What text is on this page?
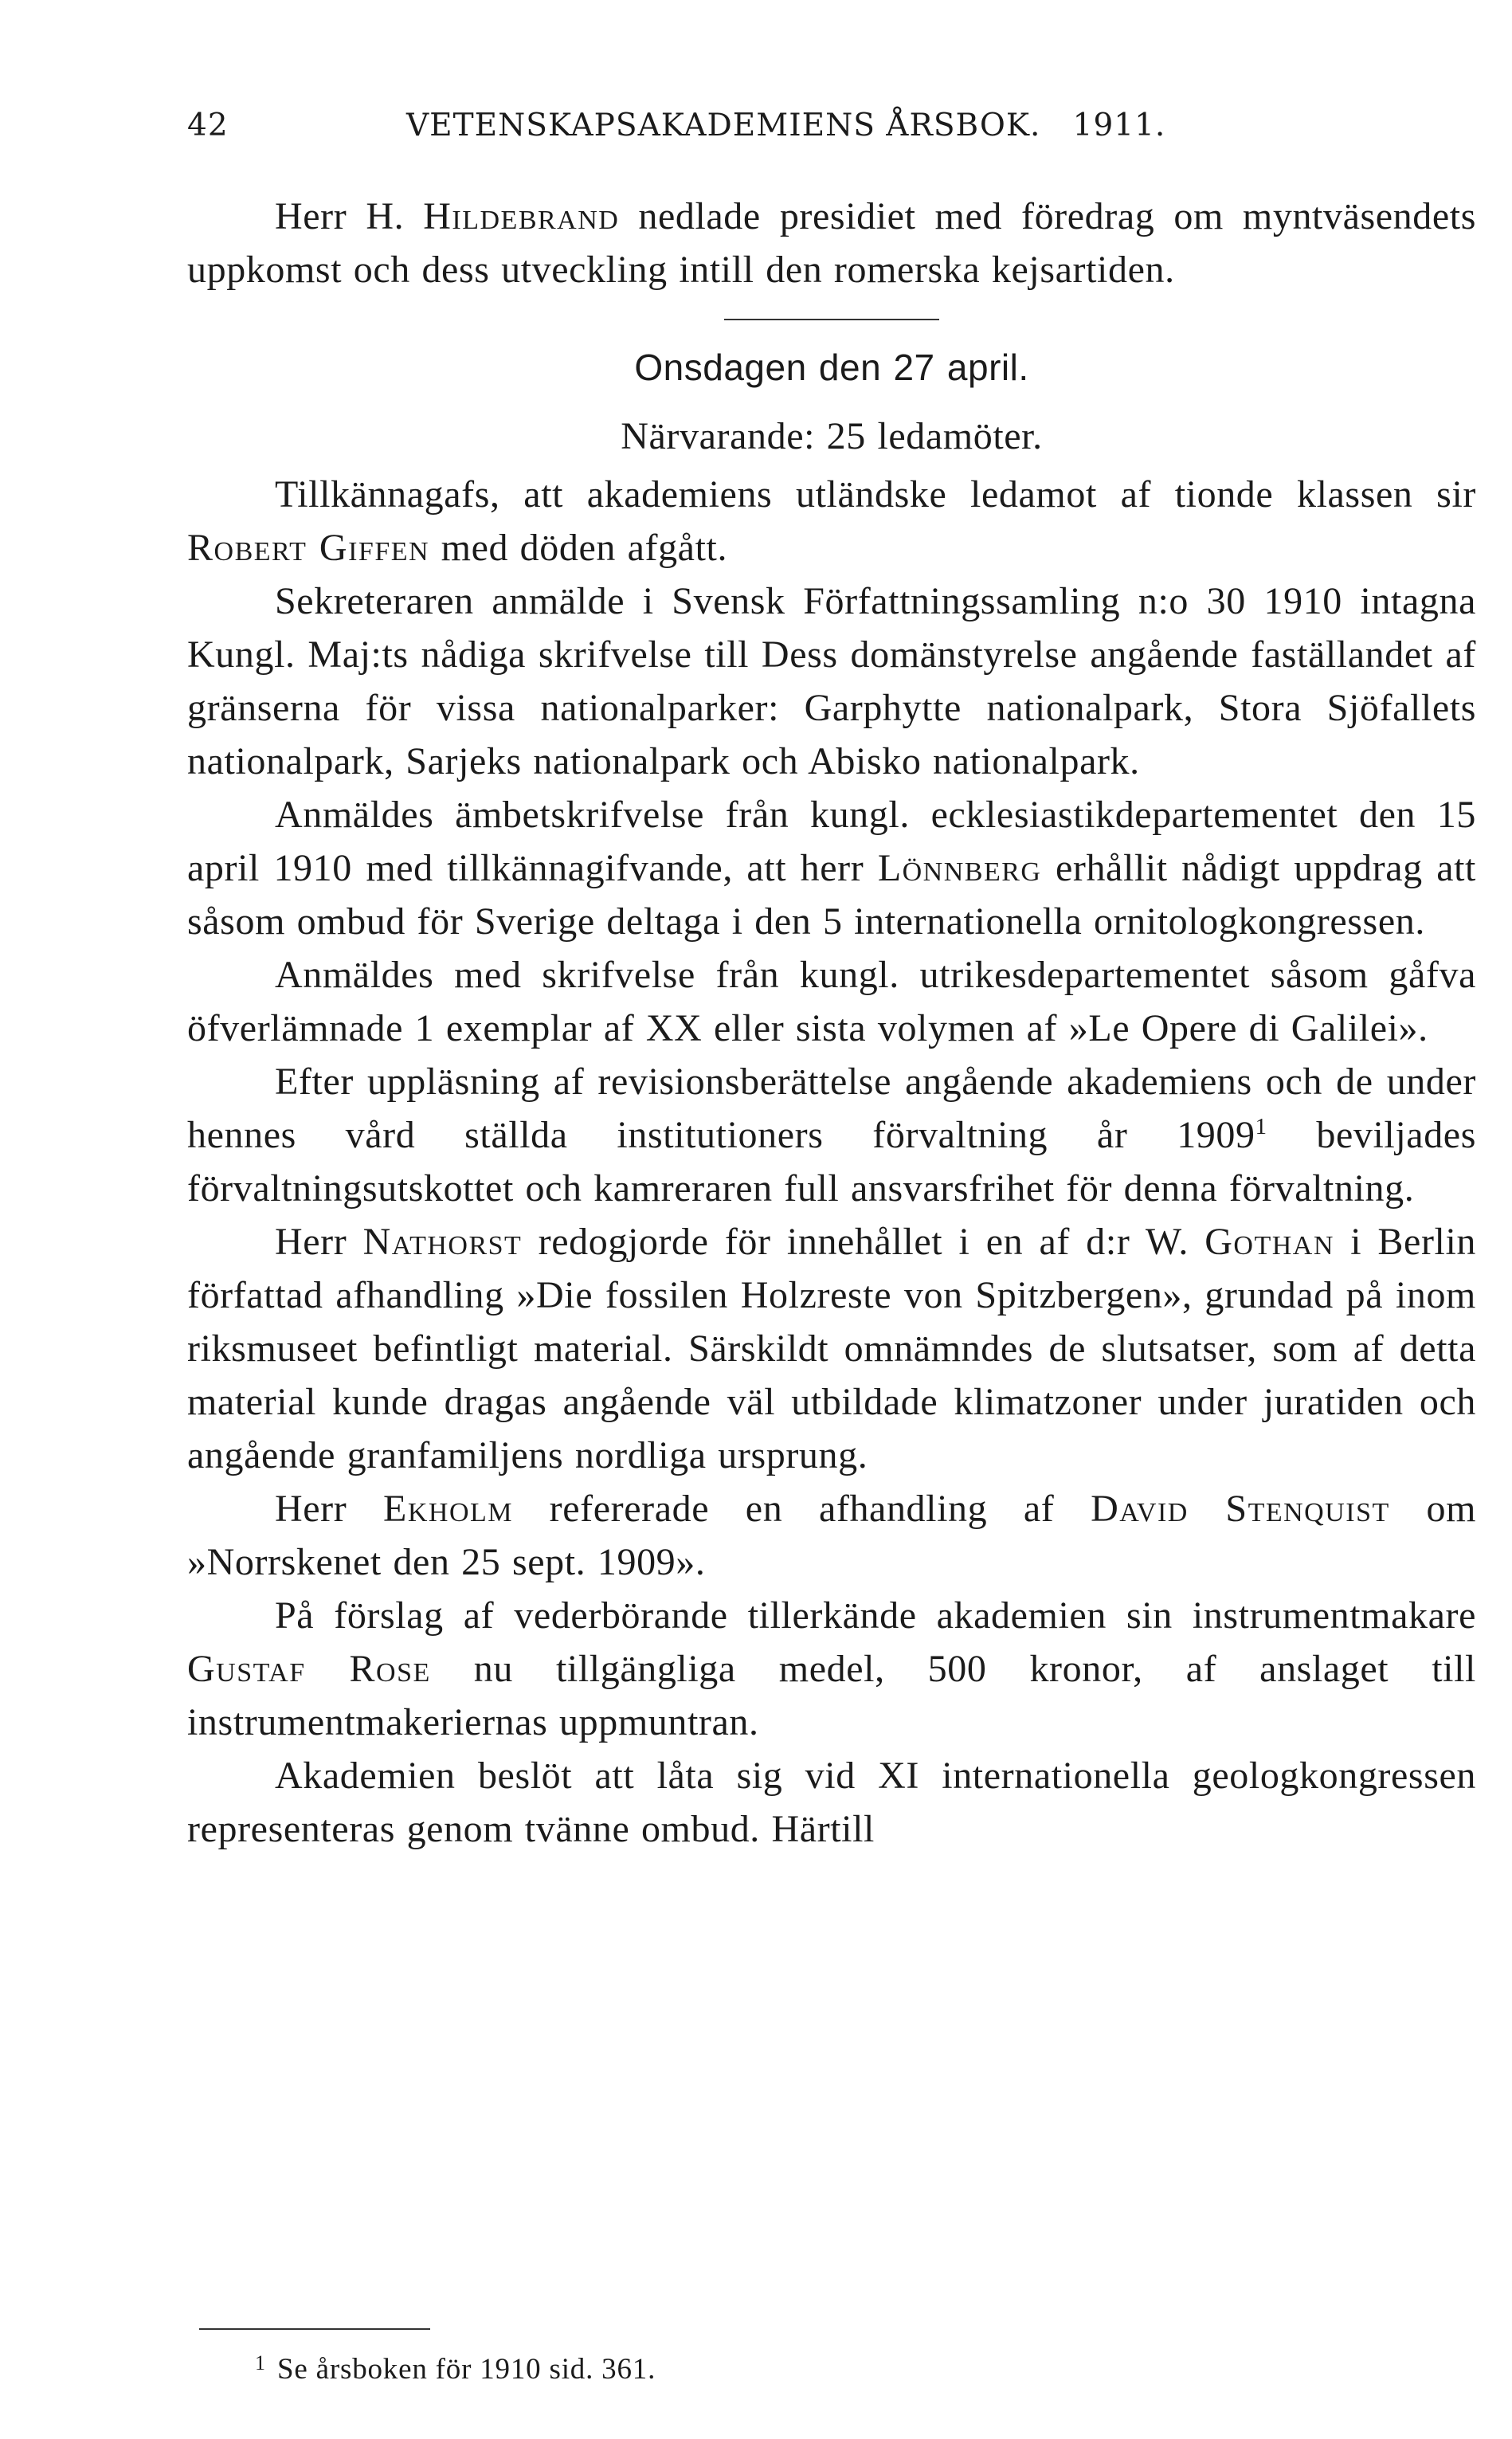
42	VETENSKAPSAKADEMIENS ÅRSBOK.   1911.

Herr H. Hildebrand nedlade presidiet med föredrag om myntväsendets uppkomst och dess utveckling intill den romerska kejsartiden.

Onsdagen den 27 april.
Närvarande: 25 ledamöter.

Tillkännagafs, att akademiens utländske ledamot af tionde klassen sir Robert Giffen med döden afgått.

Sekreteraren anmälde i Svensk Författningssamling n:o 30 1910 intagna Kungl. Maj:ts nådiga skrifvelse till Dess domänstyrelse angående faställandet af gränserna för vissa nationalparker: Garphytte nationalpark, Stora Sjöfallets nationalpark, Sarjeks nationalpark och Abisko nationalpark.

Anmäldes ämbetskrifvelse från kungl. ecklesiastikdepartementet den 15 april 1910 med tillkännagifvande, att herr Lönnberg erhållit nådigt uppdrag att såsom ombud för Sverige deltaga i den 5 internationella ornitologkongressen.

Anmäldes med skrifvelse från kungl. utrikesdepartementet såsom gåfva öfverlämnade 1 exemplar af XX eller sista volymen af »Le Opere di Galilei».

Efter uppläsning af revisionsberättelse angående akademiens och de under hennes vård ställda institutioners förvaltning år 1909$^1$ beviljades förvaltningsutskottet och kamreraren full ansvarsfrihet för denna förvaltning.

Herr Nathorst redogjorde för innehållet i en af d:r W. Gothan i Berlin författad afhandling »Die fossilen Holzreste von Spitzbergen», grundad på inom riksmuseet befintligt material. Särskildt omnämndes de slutsatser, som af detta material kunde dragas angående väl utbildade klimatzoner under juratiden och angående granfamiljens nordliga ursprung.

Herr Ekholm refererade en afhandling af David Stenquist om »Norrskenet den 25 sept. 1909».

På förslag af vederbörande tillerkände akademien sin instrumentmakare Gustaf Rose nu tillgängliga medel, 500 kronor, af anslaget till instrumentmakeriernas uppmuntran.

Akademien beslöt att låta sig vid XI internationella geologkongressen representeras genom tvänne ombud. Härtill

1 Se årsboken för 1910 sid. 361.
